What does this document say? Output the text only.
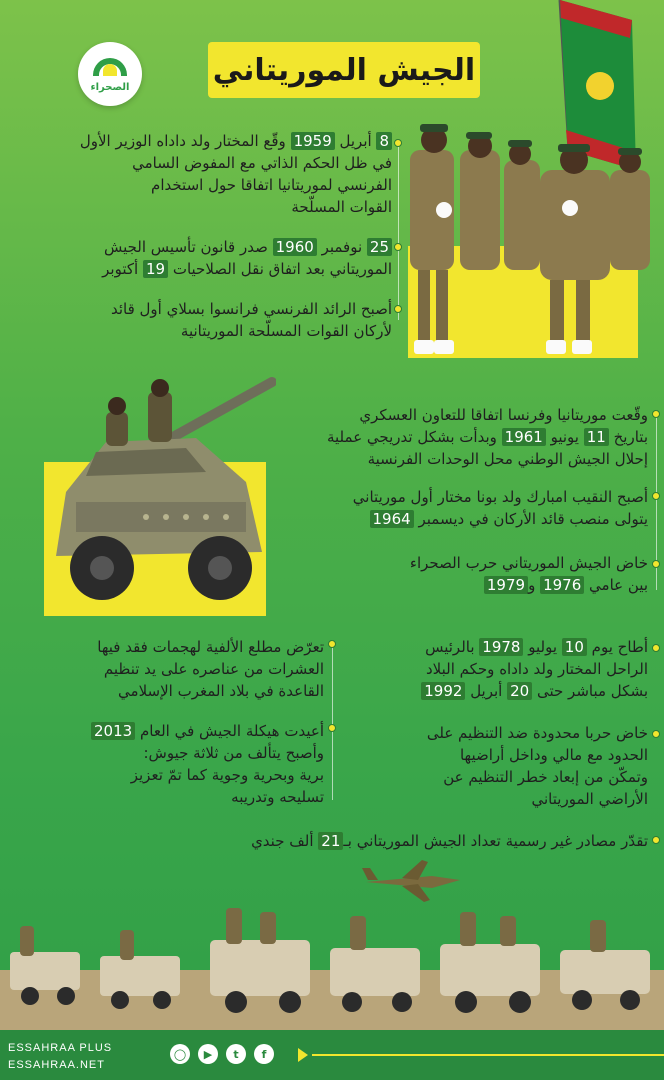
الجيش الموريتاني
الصحراء
8 أبريل 1959 وقّع المختار ولد داداه الوزير الأول
في ظل الحكم الذاتي مع المفوض السامي
الفرنسي لموريتانيا اتفاقا حول استخدام
القوات المسلّحة
25 نوفمبر 1960 صدر قانون تأسيس الجيش
الموريتاني بعد اتفاق نقل الصلاحيات 19 أكتوبر
أصبح الرائد الفرنسي فرانسوا بسلاي أول قائد
لأركان القوات المسلّحة الموريتانية
وقّعت موريتانيا وفرنسا اتفاقا للتعاون العسكري
بتاريخ 11 يونيو 1961 وبدأت بشكل تدريجي عملية
إحلال الجيش الوطني محل الوحدات الفرنسية
أصبح النقيب امبارك ولد بونا مختار أول موريتاني
يتولى منصب قائد الأركان في ديسمبر 1964
خاض الجيش الموريتاني حرب الصحراء
بين عامي 1976 و1979
أطاح يوم 10 يوليو 1978 بالرئيس
الراحل المختار ولد داداه وحكم البلاد
بشكل مباشر حتى 20 أبريل 1992
تعرّض مطلع الألفية لهجمات فقد فيها
العشرات من عناصره على يد تنظيم
القاعدة في بلاد المغرب الإسلامي
خاض حربا محدودة ضد التنظيم على
الحدود مع مالي وداخل أراضيها
وتمكّن من إبعاد خطر التنظيم عن
الأراضي الموريتاني
أعيدت هيكلة الجيش في العام 2013
وأصبح يتألف من ثلاثة جيوش:
برية وبحرية وجوية كما تمّ تعزيز
تسليحه وتدريبه
تقدّر مصادر غير رسمية تعداد الجيش الموريتاني بـ21 ألف جندي
ESSAHRAA PLUS
ESSAHRAA.NET
◯	▶	t	f
